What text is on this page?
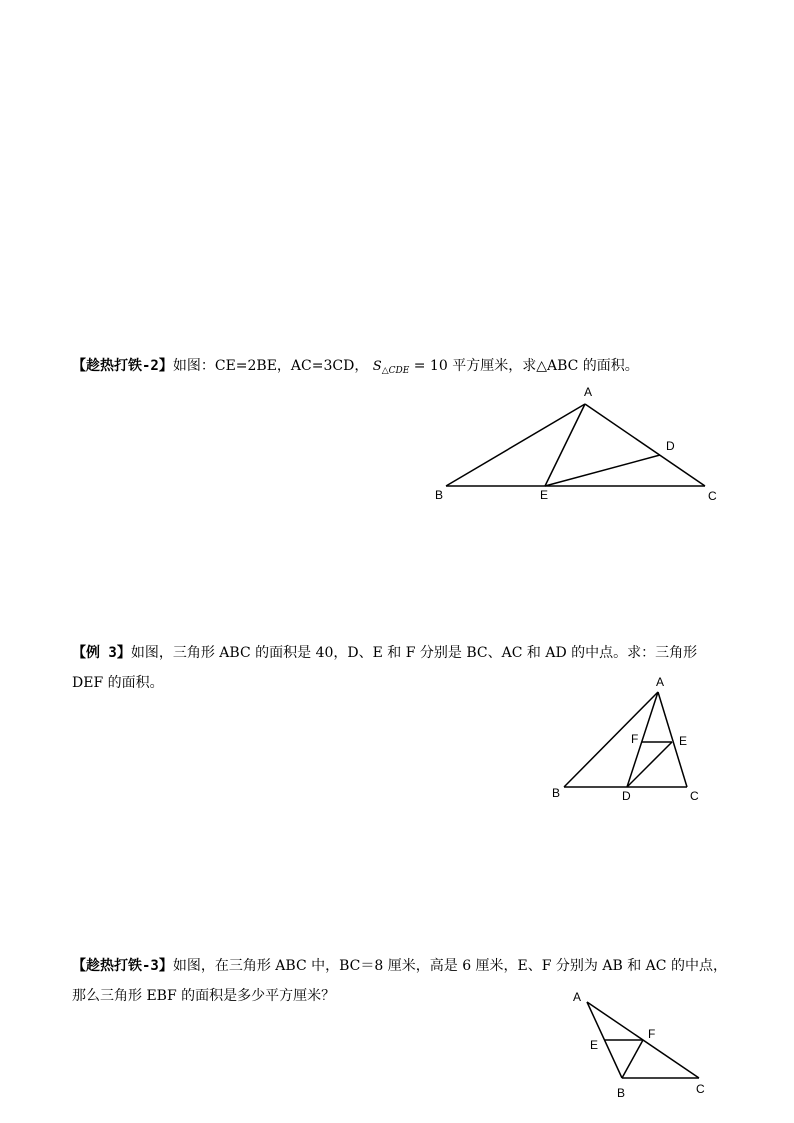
【趁热打铁-2】如图：CE=2BE，AC=3CD， $S_{\triangle CDE} = 10$ 平方厘米，求△ABC 的面积。
A
B	E	C
D
【例 3】如图，三角形 ABC 的面积是 40，D、E 和 F 分别是 BC、AC 和 AD 的中点。求：三角形 DEF 的面积。	A
B	D	C
F	E
【趁热打铁-3】如图，在三角形 ABC 中，BC＝8 厘米，高是 6 厘米，E、F 分别为 AB 和 AC 的中点，那么三角形 EBF 的面积是多少平方厘米？	A
E
F
B	C
